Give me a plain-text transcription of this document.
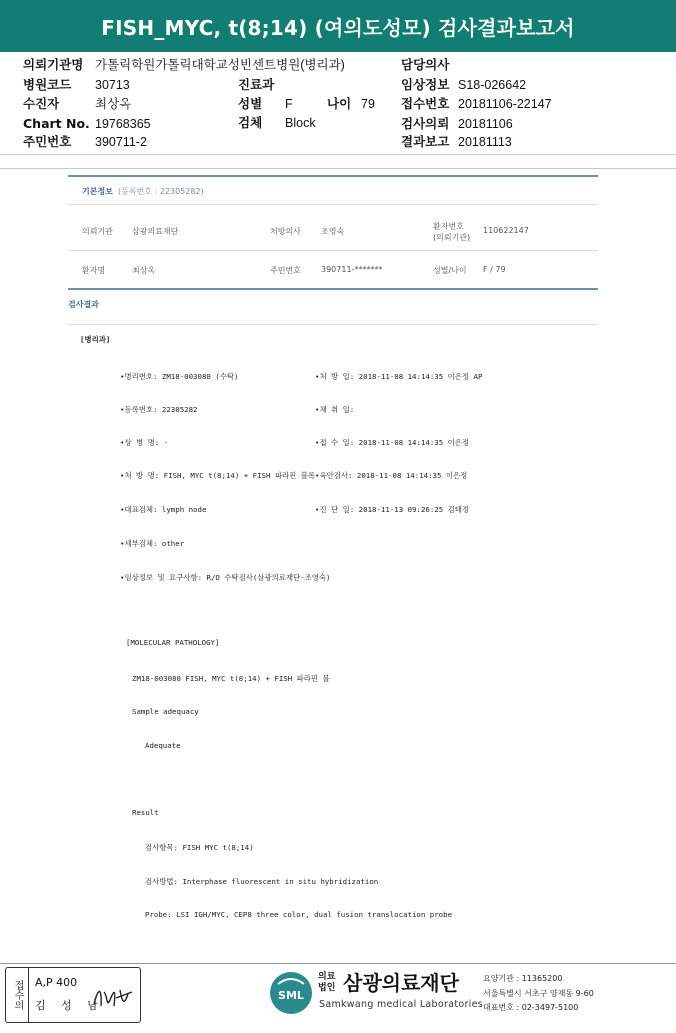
FISH_MYC, t(8;14) (여의도성모) 검사결과보고서
의뢰기관명 가톨릭학원가톨릭대학교성빈센트병원(병리과)
병원코드 30713
수진자	최상옥
Chart No. 19768365
주민번호 390711-2
진료과
성별 F	나이 79
검체 Block
담당의사
임상정보 S18-026642
접수번호 20181106-22147
검사의뢰 20181106
결과보고 20181113
기본정보 (등록번호 : 22305282)
의뢰기관 삼광의료재단	처방의사	조영숙
환자번호
(의뢰기관)
110622147
환자명	최상옥	주민번호	390711-*******	성별/나이 F / 79
검사결과
[병리과]
•병리번호: ZM18-003080 (수탁)	•처 방 일: 2018-11-08 14:14:35 이은정 AP
•등록번호: 22305282	•채 취 일:
•상 병 명: -	•접 수 일: 2018-11-08 14:14:35 이은정
•처 방 명: FISH, MYC t(8;14) + FISH 파라핀 블록 •육안검사: 2018-11-08 14:14:35 이은정
•대표검체: lymph node	•진 단 일: 2018-11-13 09:26:25 김태정
•세부검체: other
•임상정보 및 요구사항: R/O 수탁검사(삼광의료재단-조영숙)
[MOLECULAR PATHOLOGY]
ZM18-003080 FISH, MYC t(8;14) + FISH 파라핀 블
Sample adequacy
Adequate
Result
검사항목: FISH MYC t(8;14)
검사방법: Interphase fluorescent in situ hybridization
Probe: LSI IGH/MYC, CEP8 three color, dual fusion translocation probe
접수의	A,P 400
김 성 남
SML
의료
법인 삼광의료재단
Samkwang medical Laboratories
요양기관 : 11365200
서울특별시 서초구 양재동 9-60
대표번호 : 02-3497-5100
